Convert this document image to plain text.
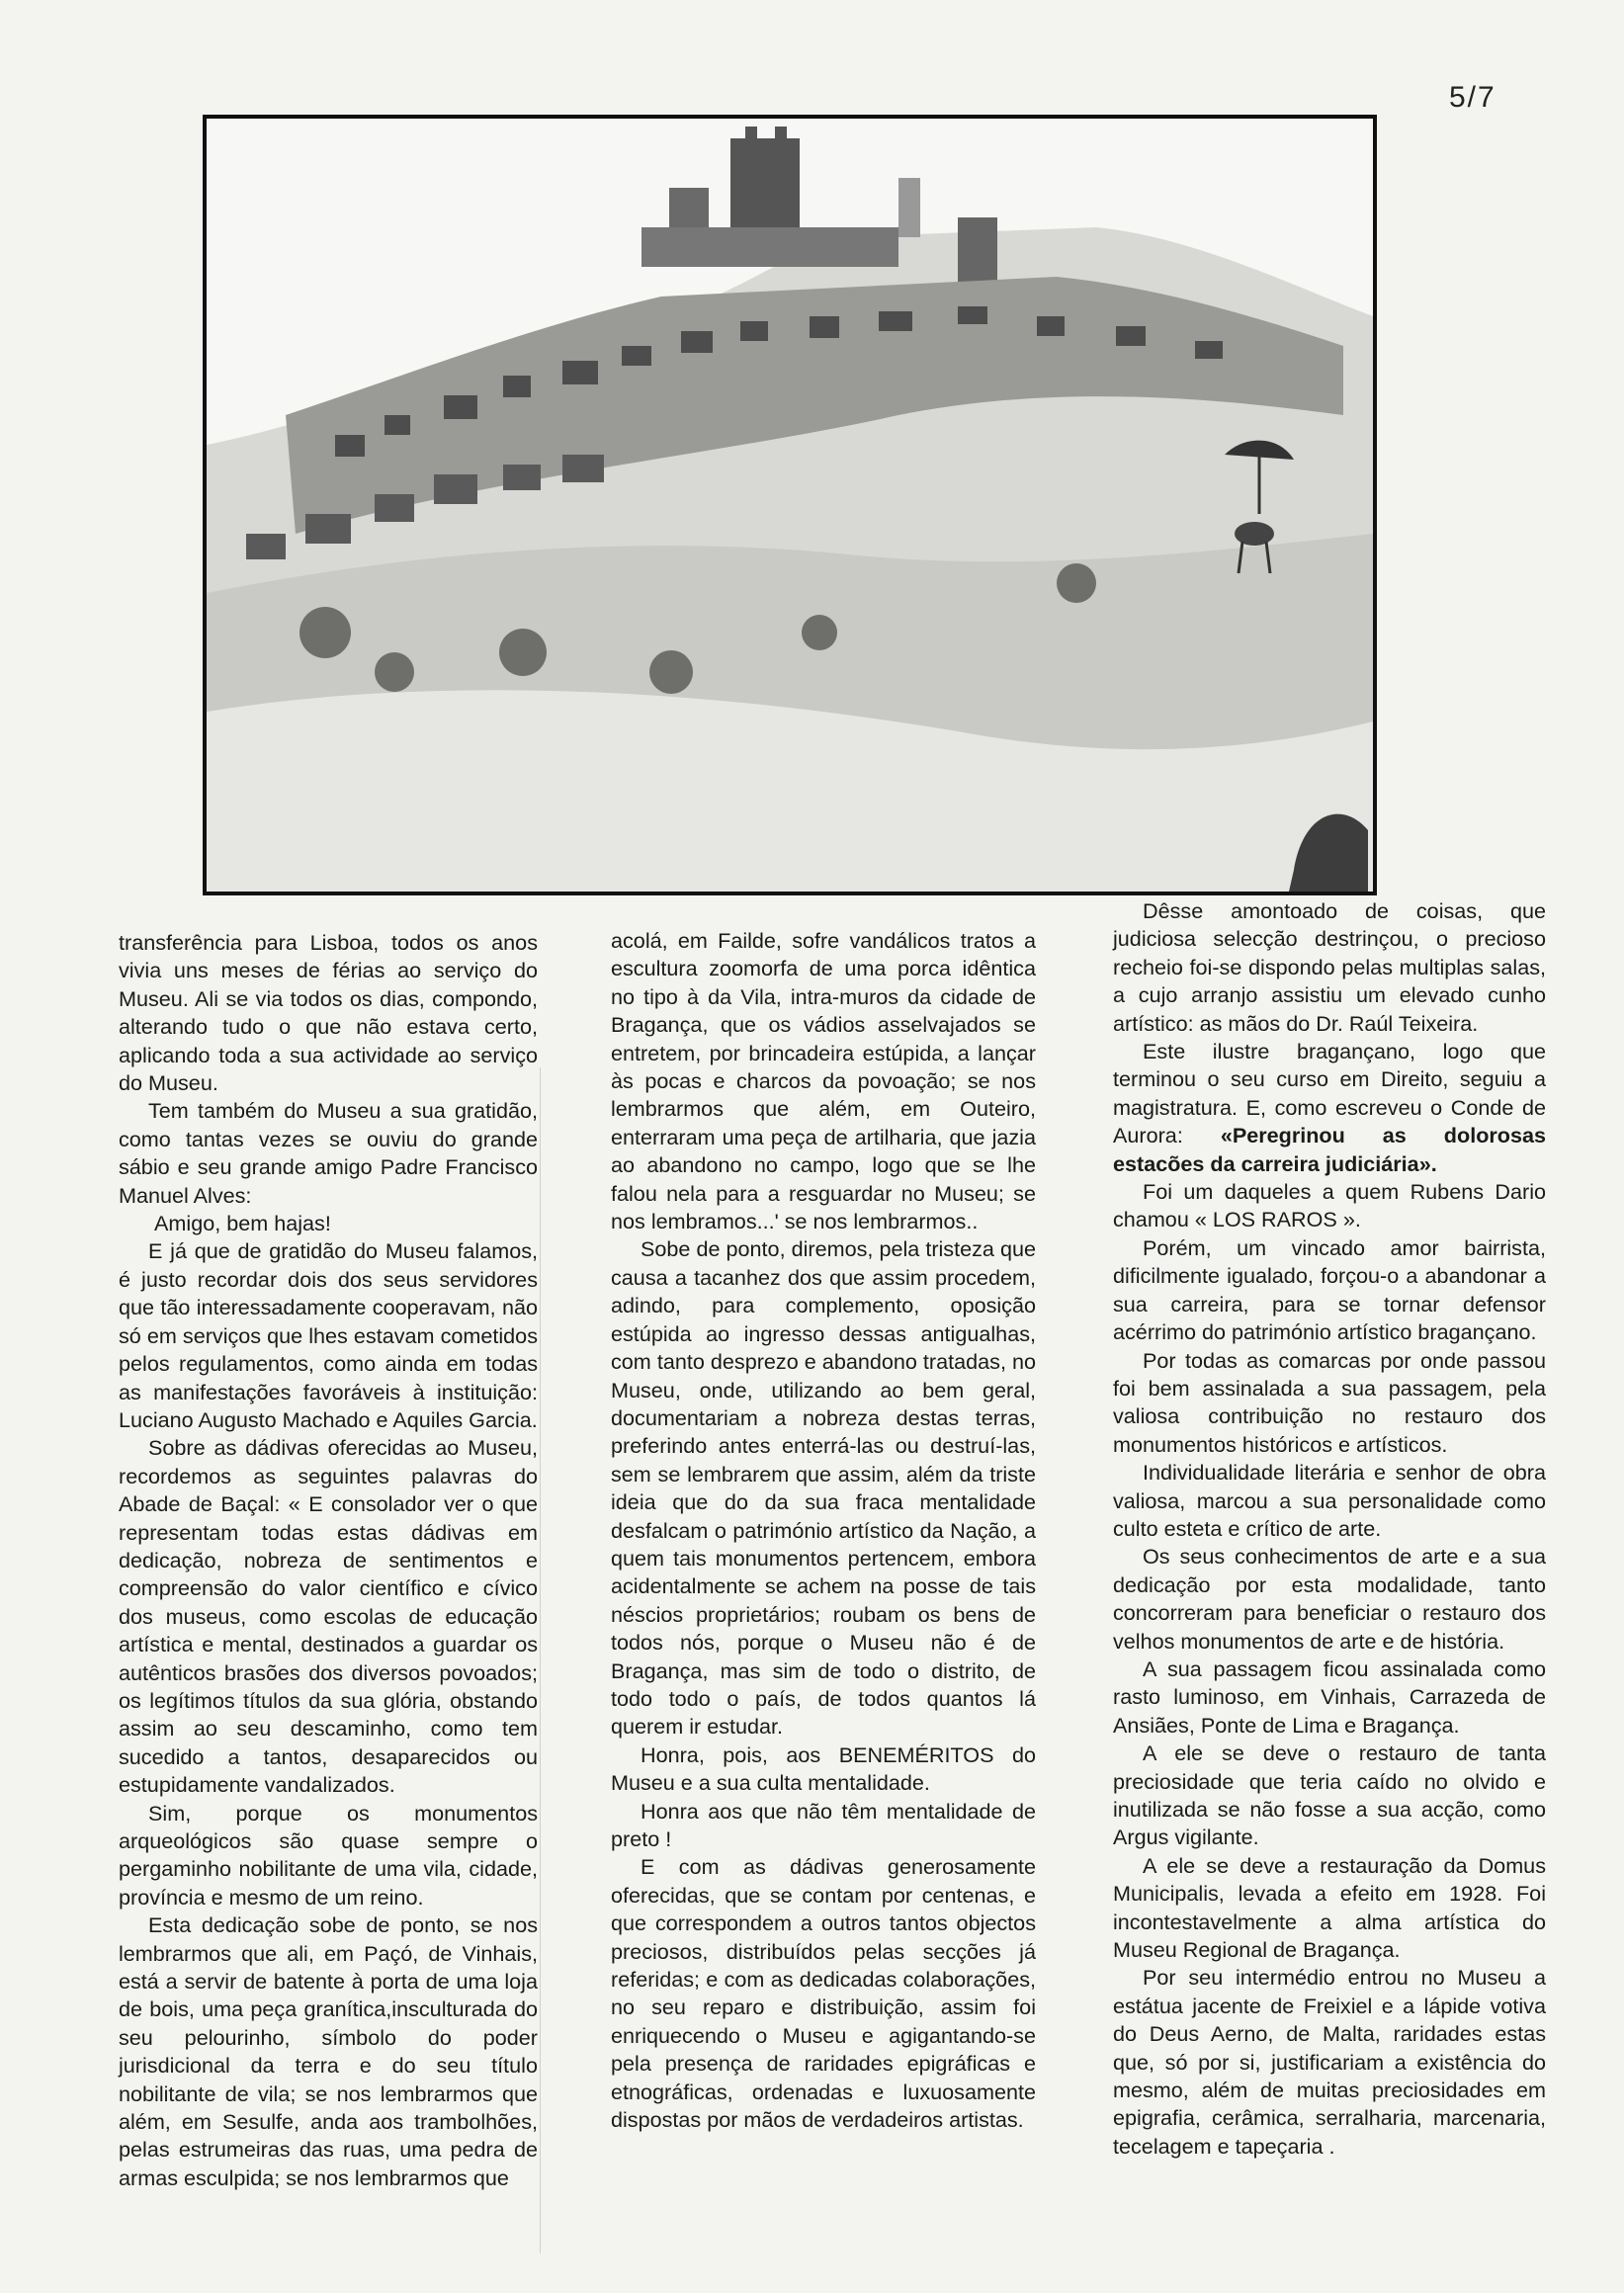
5/7

transferência para Lisboa, todos os anos vivia uns meses de férias ao serviço do Museu. Ali se via todos os dias, compondo, alterando tudo o que não estava certo, aplicando toda a sua actividade ao serviço do Museu.

Tem também do Museu a sua gratidão, como tantas vezes se ouviu do grande sábio e seu grande amigo Padre Francisco Manuel Alves:

Amigo, bem hajas!

E já que de gratidão do Museu falamos, é justo recordar dois dos seus servidores que tão interessadamente cooperavam, não só em serviços que lhes estavam cometidos pelos regulamentos, como ainda em todas as manifestações favoráveis à instituição: Luciano Augusto Machado e Aquiles Garcia.

Sobre as dádivas oferecidas ao Museu, recordemos as seguintes palavras do Abade de Baçal: « E consolador ver o que representam todas estas dádivas em dedicação, nobreza de sentimentos e compreensão do valor científico e cívico dos museus, como escolas de educação artística e mental, destinados a guardar os autênticos brasões dos diversos povoados; os legítimos títulos da sua glória, obstando assim ao seu descaminho, como tem sucedido a tantos, desaparecidos ou estupidamente vandalizados.

Sim, porque os monumentos arqueológicos são quase sempre o pergaminho nobilitante de uma vila, cidade, província e mesmo de um reino.

Esta dedicação sobe de ponto, se nos lembrarmos que ali, em Paçó, de Vinhais, está a servir de batente à porta de uma loja de bois, uma peça granítica,insculturada do seu pelourinho, símbolo do poder jurisdicional da terra e do seu título nobilitante de vila; se nos lembrarmos que além, em Sesulfe, anda aos trambolhões, pelas estrumeiras das ruas, uma pedra de armas esculpida; se nos lembrarmos que

acolá, em Failde, sofre vandálicos tratos a escultura zoomorfa de uma porca idêntica no tipo à da Vila, intra-muros da cidade de Bragança, que os vádios asselvajados se entretem, por brincadeira estúpida, a lançar às pocas e charcos da povoação; se nos lembrarmos que além, em Outeiro, enterraram uma peça de artilharia, que jazia ao abandono no campo, logo que se lhe falou nela para a resguardar no Museu; se nos lembramos...' se nos lembrarmos..

Sobe de ponto, diremos, pela tristeza que causa a tacanhez dos que assim procedem, adindo, para complemento, oposição estúpida ao ingresso dessas antigualhas, com tanto desprezo e abandono tratadas, no Museu, onde, utilizando ao bem geral, documentariam a nobreza destas terras, preferindo antes enterrá-las ou destruí-las, sem se lembrarem que assim, além da triste ideia que do da sua fraca mentalidade desfalcam o património artístico da Nação, a quem tais monumentos pertencem, embora acidentalmente se achem na posse de tais néscios proprietários; roubam os bens de todos nós, porque o Museu não é de Bragança, mas sim de todo o distrito, de todo todo o país, de todos quantos lá querem ir estudar.

Honra, pois, aos BENEMÉRITOS do Museu e a sua culta mentalidade.

Honra aos que não têm mentalidade de preto !

E com as dádivas generosamente oferecidas, que se contam por centenas, e que correspondem a outros tantos objectos preciosos, distribuídos pelas secções já referidas; e com as dedicadas colaborações, no seu reparo e distribuição, assim foi enriquecendo o Museu e agigantando-se pela presença de raridades epigráficas e etnográficas, ordenadas e luxuosamente dispostas por mãos de verdadeiros artistas.

Dêsse amontoado de coisas, que judiciosa selecção destrinçou, o precioso recheio foi-se dispondo pelas multiplas salas, a cujo arranjo assistiu um elevado cunho artístico: as mãos do Dr. Raúl Teixeira.

Este ilustre bragançano, logo que terminou o seu curso em Direito, seguiu a magistratura. E, como escreveu o Conde de Aurora: «Peregrinou as dolorosas estacões da carreira judiciária».

Foi um daqueles a quem Rubens Dario chamou « LOS RAROS ».

Porém, um vincado amor bairrista, dificilmente igualado, forçou-o a abandonar a sua carreira, para se tornar defensor acérrimo do património artístico bragançano.

Por todas as comarcas por onde passou foi bem assinalada a sua passagem, pela valiosa contribuição no restauro dos monumentos históricos e artísticos.

Individualidade literária e senhor de obra valiosa, marcou a sua personalidade como culto esteta e crítico de arte.

Os seus conhecimentos de arte e a sua dedicação por esta modalidade, tanto concorreram para beneficiar o restauro dos velhos monumentos de arte e de história.

A sua passagem ficou assinalada como rasto luminoso, em Vinhais, Carrazeda de Ansiães, Ponte de Lima e Bragança.

A ele se deve o restauro de tanta preciosidade que teria caído no olvido e inutilizada se não fosse a sua acção, como Argus vigilante.

A ele se deve a restauração da Domus Municipalis, levada a efeito em 1928. Foi incontestavelmente a alma artística do Museu Regional de Bragança.

Por seu intermédio entrou no Museu a estátua jacente de Freixiel e a lápide votiva do Deus Aerno, de Malta, raridades estas que, só por si, justificariam a existência do mesmo, além de muitas preciosidades em epigrafia, cerâmica, serralharia, marcenaria, tecelagem e tapeçaria .
